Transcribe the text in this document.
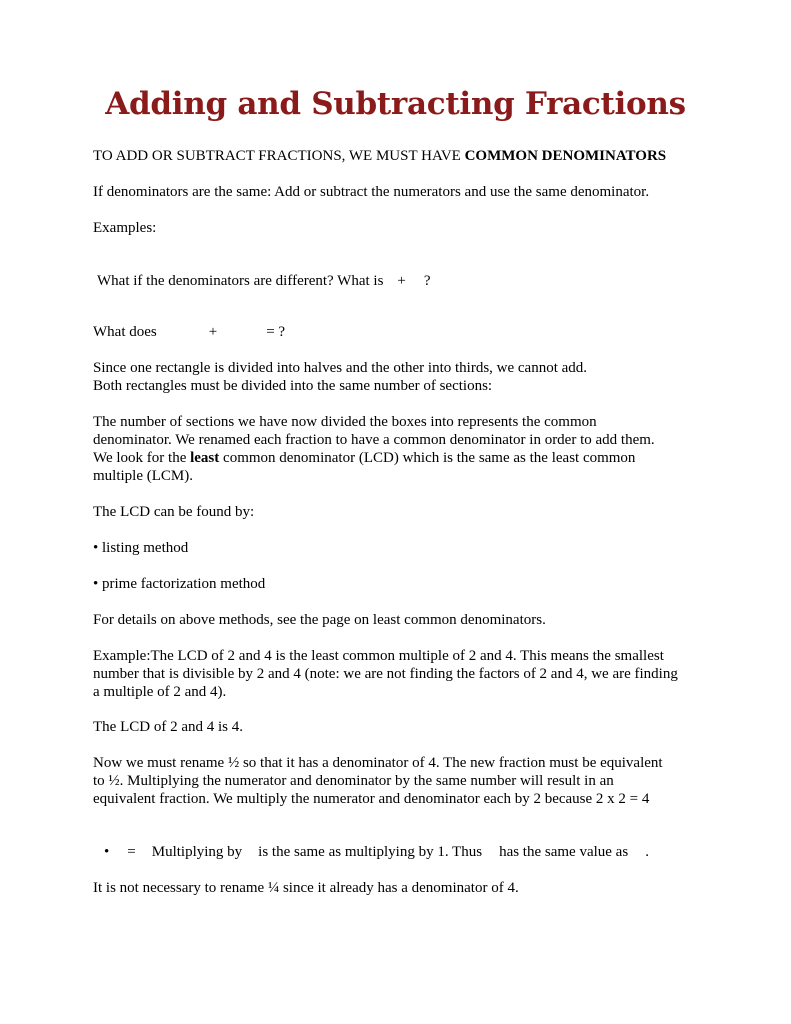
Adding and Subtracting Fractions
TO ADD OR SUBTRACT FRACTIONS, WE MUST HAVE COMMON DENOMINATORS
If denominators are the same: Add or subtract the numerators and use the same denominator.
Examples:
What if the denominators are different? What is + ?
What does	+	= ?
Since one rectangle is divided into halves and the other into thirds, we cannot add.
Both rectangles must be divided into the same number of sections:
The number of sections we have now divided the boxes into represents the common
denominator. We renamed each fraction to have a common denominator in order to add them.
We look for the least common denominator (LCD) which is the same as the least common
multiple (LCM).
The LCD can be found by:
• listing method
• prime factorization method
For details on above methods, see the page on least common denominators.
Example:The LCD of 2 and 4 is the least common multiple of 2 and 4. This means the smallest
number that is divisible by 2 and 4 (note: we are not finding the factors of 2 and 4, we are finding
a multiple of 2 and 4).
The LCD of 2 and 4 is 4.
Now we must rename ½ so that it has a denominator of 4. The new fraction must be equivalent
to ½. Multiplying the numerator and denominator by the same number will result in an
equivalent fraction. We multiply the numerator and denominator each by 2 because 2 x 2 = 4
• = Multiplying by is the same as multiplying by 1. Thus has the same value as .
It is not necessary to rename ¼ since it already has a denominator of 4.
